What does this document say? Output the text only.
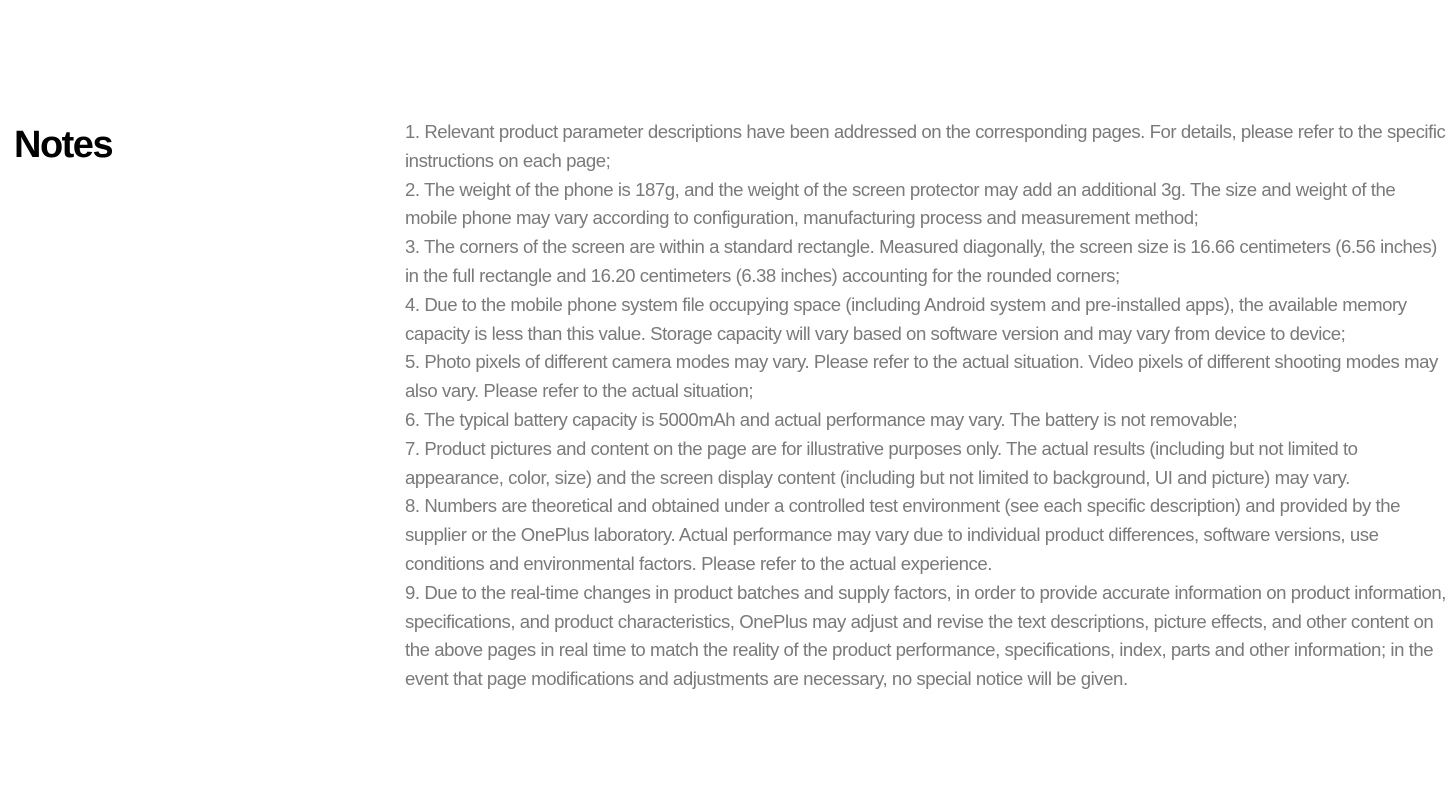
Notes	1. Relevant product parameter descriptions have been addressed on the corresponding pages. For details, please refer to the specific instructions on each page;
2. The weight of the phone is 187g, and the weight of the screen protector may add an additional 3g. The size and weight of the mobile phone may vary according to configuration, manufacturing process and measurement method;
3. The corners of the screen are within a standard rectangle. Measured diagonally, the screen size is 16.66 centimeters (6.56 inches) in the full rectangle and 16.20 centimeters (6.38 inches) accounting for the rounded corners;
4. Due to the mobile phone system file occupying space (including Android system and pre-installed apps), the available memory capacity is less than this value. Storage capacity will vary based on software version and may vary from device to device;
5. Photo pixels of different camera modes may vary. Please refer to the actual situation. Video pixels of different shooting modes may also vary. Please refer to the actual situation;
6. The typical battery capacity is 5000mAh and actual performance may vary. The battery is not removable;
7. Product pictures and content on the page are for illustrative purposes only. The actual results (including but not limited to appearance, color, size) and the screen display content (including but not limited to background, UI and picture) may vary.
8. Numbers are theoretical and obtained under a controlled test environment (see each specific description) and provided by the supplier or the OnePlus laboratory. Actual performance may vary due to individual product differences, software versions, use conditions and environmental factors. Please refer to the actual experience.
9. Due to the real-time changes in product batches and supply factors, in order to provide accurate information on product information, specifications, and product characteristics, OnePlus may adjust and revise the text descriptions, picture effects, and other content on the above pages in real time to match the reality of the product performance, specifications, index, parts and other information; in the event that page modifications and adjustments are necessary, no special notice will be given.
